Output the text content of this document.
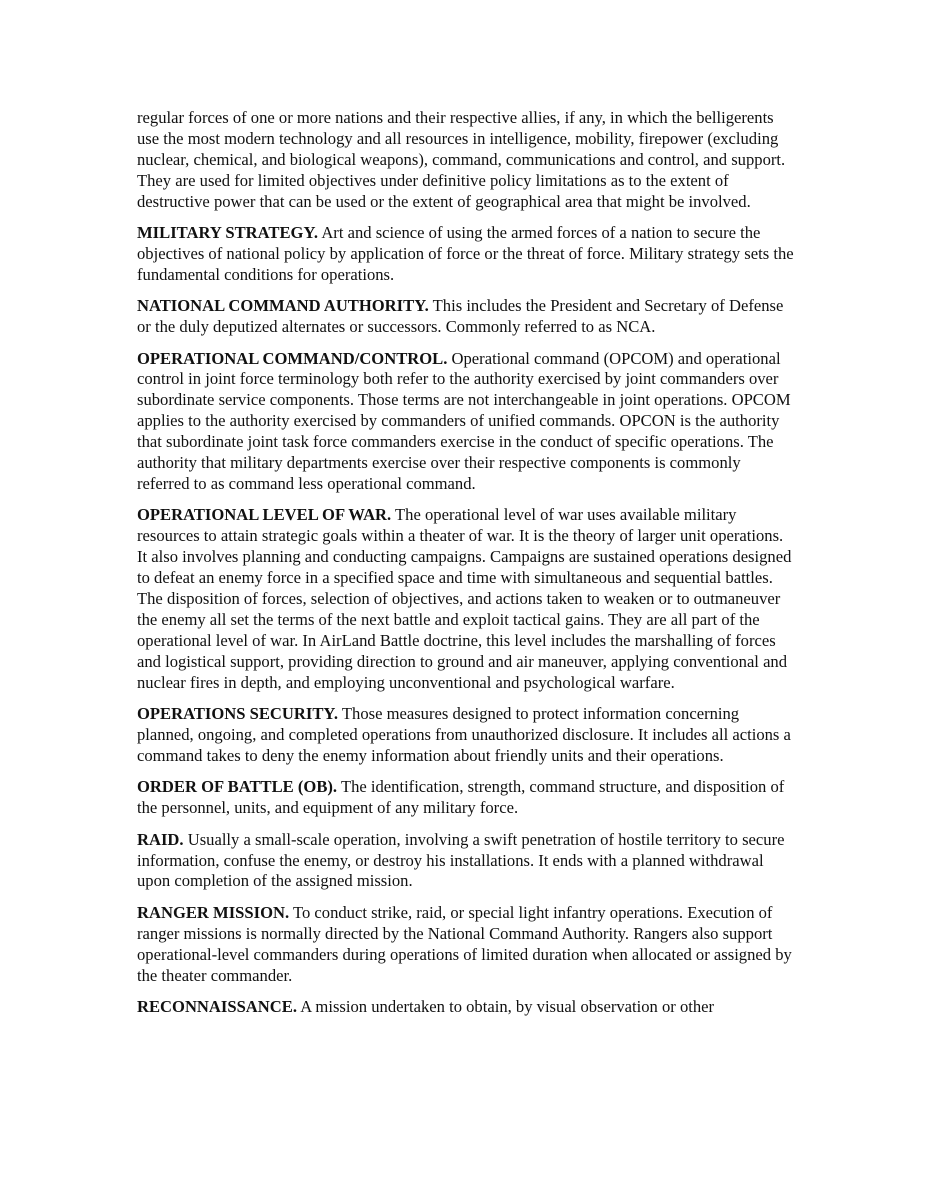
regular forces of one or more nations and their respective allies, if any, in which the belligerents use the most modern technology and all resources in intelligence, mobility, firepower (excluding nuclear, chemical, and biological weapons), command, communications and control, and support. They are used for limited objectives under definitive policy limitations as to the extent of destructive power that can be used or the extent of geographical area that might be involved.

MILITARY STRATEGY. Art and science of using the armed forces of a nation to secure the objectives of national policy by application of force or the threat of force. Military strategy sets the fundamental conditions for operations.

NATIONAL COMMAND AUTHORITY. This includes the President and Secretary of Defense or the duly deputized alternates or successors. Commonly referred to as NCA.

OPERATIONAL COMMAND/CONTROL. Operational command (OPCOM) and operational control in joint force terminology both refer to the authority exercised by joint commanders over subordinate service components. Those terms are not interchangeable in joint operations. OPCOM applies to the authority exercised by commanders of unified commands. OPCON is the authority that subordinate joint task force commanders exercise in the conduct of specific operations. The authority that military departments exercise over their respective components is commonly referred to as command less operational command.

OPERATIONAL LEVEL OF WAR. The operational level of war uses available military resources to attain strategic goals within a theater of war. It is the theory of larger unit operations. It also involves planning and conducting campaigns. Campaigns are sustained operations designed to defeat an enemy force in a specified space and time with simultaneous and sequential battles. The disposition of forces, selection of objectives, and actions taken to weaken or to outmaneuver the enemy all set the terms of the next battle and exploit tactical gains. They are all part of the operational level of war. In AirLand Battle doctrine, this level includes the marshalling of forces and logistical support, providing direction to ground and air maneuver, applying conventional and nuclear fires in depth, and employing unconventional and psychological warfare.

OPERATIONS SECURITY. Those measures designed to protect information concerning planned, ongoing, and completed operations from unauthorized disclosure. It includes all actions a command takes to deny the enemy information about friendly units and their operations.

ORDER OF BATTLE (OB). The identification, strength, command structure, and disposition of the personnel, units, and equipment of any military force.

RAID. Usually a small-scale operation, involving a swift penetration of hostile territory to secure information, confuse the enemy, or destroy his installations. It ends with a planned withdrawal upon completion of the assigned mission.

RANGER MISSION. To conduct strike, raid, or special light infantry operations. Execution of ranger missions is normally directed by the National Command Authority. Rangers also support operational-level commanders during operations of limited duration when allocated or assigned by the theater commander.

RECONNAISSANCE. A mission undertaken to obtain, by visual observation or other
